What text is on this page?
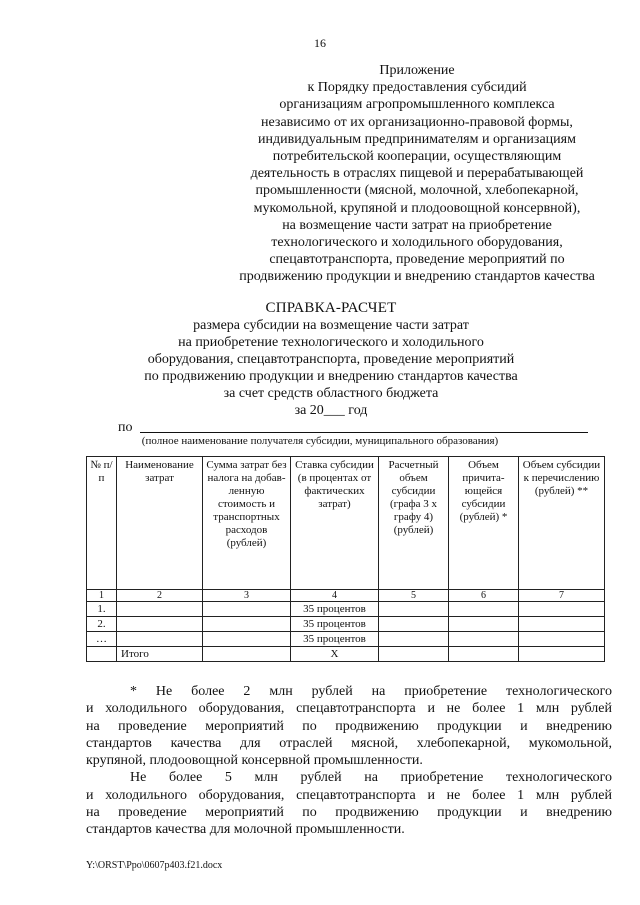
16
Приложение
к Порядку предоставления субсидий
организациям агропромышленного комплекса
независимо от их организационно-правовой формы,
индивидуальным предпринимателям и организациям
потребительской кооперации, осуществляющим
деятельность в отраслях пищевой и перерабатывающей
промышленности (мясной, молочной, хлебопекарной,
мукомольной, крупяной и плодоовощной консервной),
на возмещение части затрат на приобретение
технологического и холодильного оборудования,
спецавтотранспорта, проведение мероприятий по
продвижению продукции и внедрению стандартов качества
СПРАВКА-РАСЧЕТ
размера субсидии на возмещение части затрат
на приобретение технологического и холодильного
оборудования, спецавтотранспорта, проведение мероприятий
по продвижению продукции и внедрению стандартов качества
за счет средств областного бюджета
за 20___ год
по
(полное наименование получателя субсидии, муниципального образования)
№ п/п	Наименование затрат	Сумма затрат без налога на добавленную стоимость и транспортных расходов (рублей)	Ставка субсидии (в процентах от фактических затрат)	Расчетный объем субсидии (графа 3 х графу 4) (рублей)	Объем причитающейся субсидии (рублей) *	Объем субсидии к перечислению (рублей) **
1	2	3	4	5	6	7
1.			35 процентов			
2.			35 процентов			
…			35 процентов			
	Итого		Х			

* Не более 2 млн рублей на приобретение технологического

и холодильного оборудования, спецавтотранспорта и не более 1 млн рублей

на проведение мероприятий по продвижению продукции и внедрению

стандартов качества для отраслей мясной, хлебопекарной, мукомольной,

крупяной, плодоовощной консервной промышленности.

Не более 5 млн рублей на приобретение технологического

и холодильного оборудования, спецавтотранспорта и не более 1 млн рублей

на проведение мероприятий по продвижению продукции и внедрению

стандартов качества для молочной промышленности.

Y:\ORST\Ppo\0607p403.f21.docx
